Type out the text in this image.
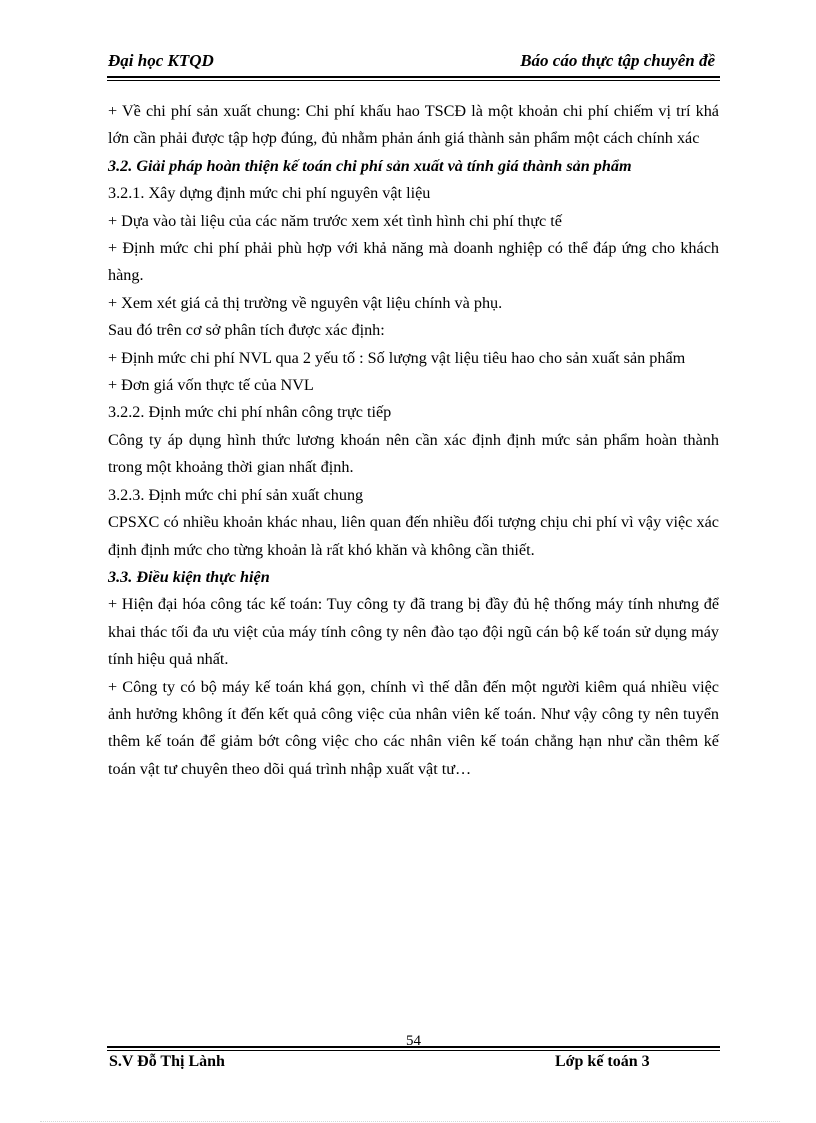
Đại học KTQD	Báo cáo thực tập chuyên đề

+ Về chi phí sản xuất chung: Chi phí khấu hao TSCĐ là một khoản chi phí chiếm vị trí khá lớn cần phải được tập hợp đúng, đủ nhằm phản ánh giá thành sản phẩm một cách chính xác

3.2. Giải pháp hoàn thiện kế toán chi phí sản xuất và tính giá thành sản phẩm

3.2.1. Xây dựng định mức chi phí nguyên vật liệu

+ Dựa vào tài liệu của các năm trước xem xét tình hình chi phí thực tế

+ Định mức chi phí phải phù hợp với khả năng mà doanh nghiệp có thể đáp ứng cho khách hàng.

+ Xem xét giá cả thị trường về nguyên vật liệu chính và phụ.

Sau đó trên cơ sở phân tích được xác định:

+ Định mức chi phí NVL qua 2 yếu tố : Số lượng vật liệu tiêu hao cho sản xuất sản phẩm

+ Đơn giá vốn thực tế của NVL

3.2.2. Định mức chi phí nhân công trực tiếp

Công ty áp dụng hình thức lương khoán nên cần xác định định mức sản phẩm hoàn thành trong một khoảng thời gian nhất định.

3.2.3. Định mức chi phí sản xuất chung

CPSXC có nhiều khoản khác nhau, liên quan đến nhiều đối tượng chịu chi phí vì vậy việc xác định định mức cho từng khoản là rất khó khăn và không cần thiết.

3.3. Điều kiện thực hiện

+ Hiện đại hóa công tác kế toán: Tuy công ty đã trang bị đầy đủ hệ thống máy tính nhưng để khai thác tối đa ưu việt của máy tính công ty nên đào tạo đội ngũ cán bộ kế toán sử dụng máy tính hiệu quả nhất.

+ Công ty có bộ máy kế toán khá gọn, chính vì thế dẫn đến một người kiêm quá nhiều việc ảnh hưởng không ít đến kết quả công việc của nhân viên kế toán. Như vậy công ty nên tuyển thêm kế toán để giảm bớt công việc cho các nhân viên kế toán chẳng hạn như cần thêm kế toán vật tư chuyên theo dõi quá trình nhập xuất vật tư…

54
S.V Đỗ Thị Lành	Lớp kế toán 3
